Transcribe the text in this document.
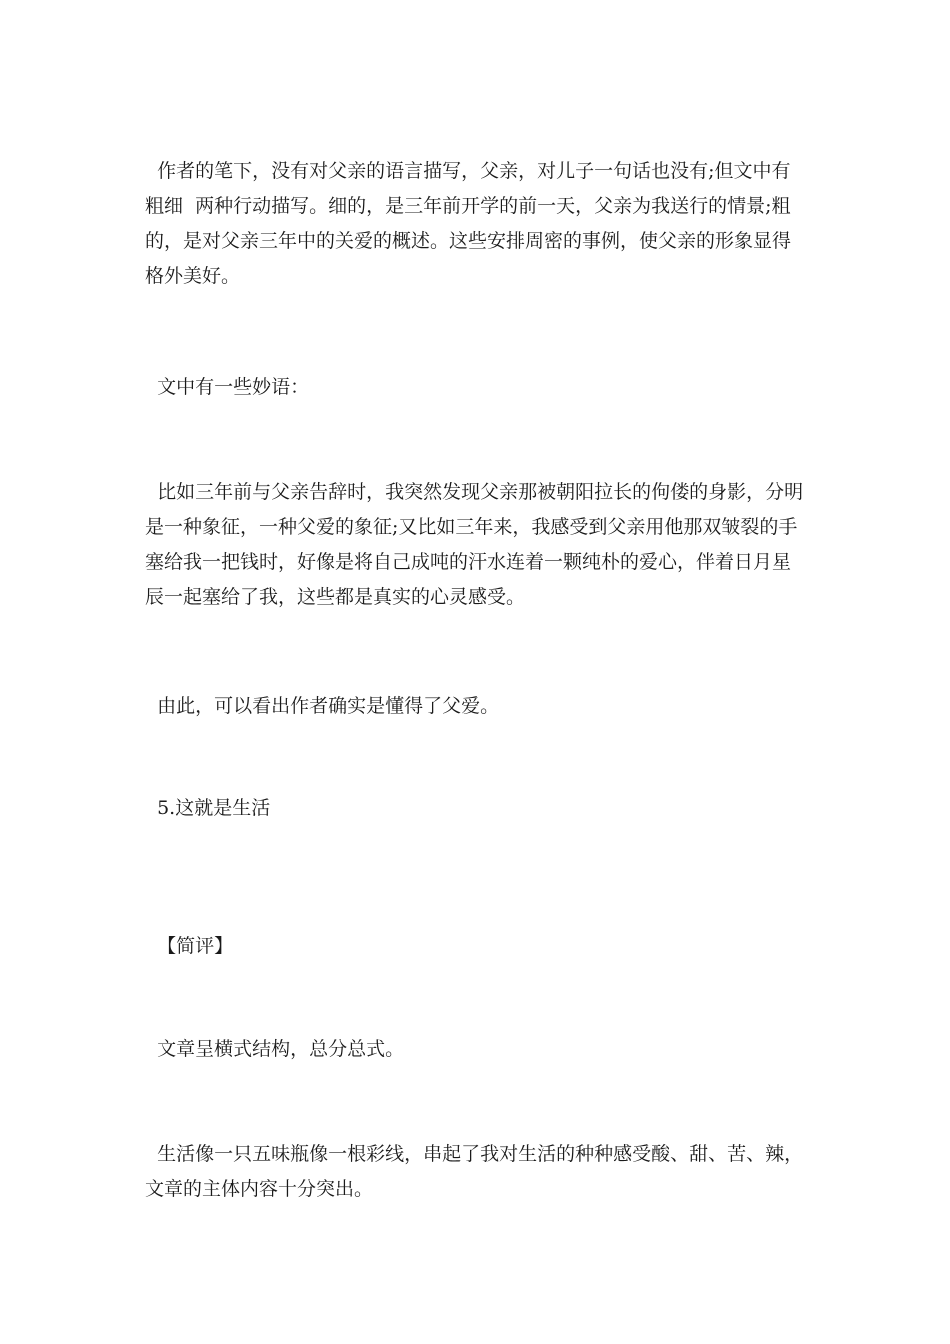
作者的笔下，没有对父亲的语言描写，父亲，对儿子一句话也没有;但文中有
粗细  两种行动描写。细的，是三年前开学的前一天，父亲为我送行的情景;粗
的，是对父亲三年中的关爱的概述。这些安排周密的事例，使父亲的形象显得
格外美好。

文中有一些妙语：

比如三年前与父亲告辞时，我突然发现父亲那被朝阳拉长的佝偻的身影，分明
是一种象征，一种父爱的象征;又比如三年来，我感受到父亲用他那双皱裂的手
塞给我一把钱时，好像是将自己成吨的汗水连着一颗纯朴的爱心，伴着日月星
辰一起塞给了我，这些都是真实的心灵感受。

由此，可以看出作者确实是懂得了父爱。

5.这就是生活

【简评】

文章呈横式结构，总分总式。

生活像一只五味瓶像一根彩线，串起了我对生活的种种感受酸、甜、苦、辣，
文章的主体内容十分突出。
